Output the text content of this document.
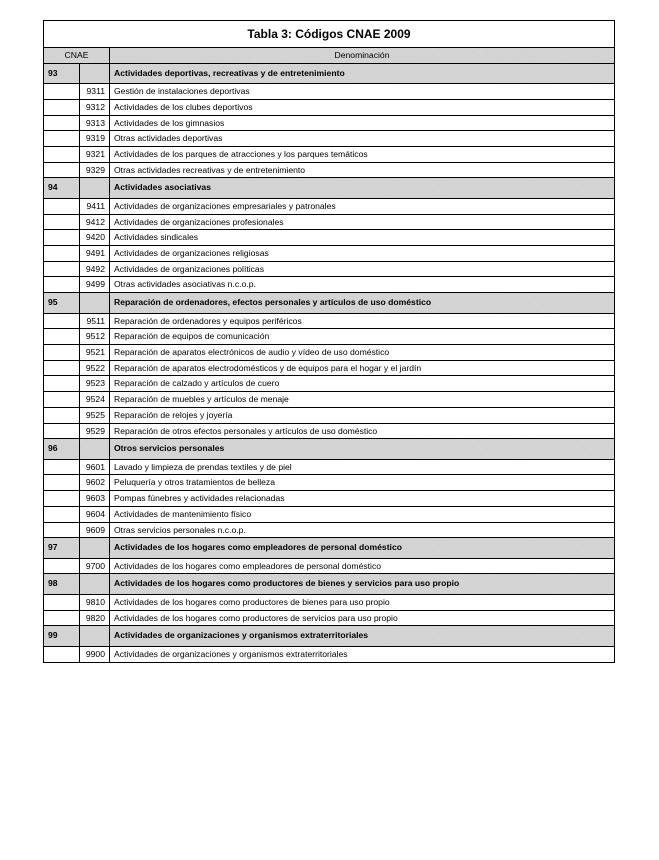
Tabla 3: Códigos CNAE 2009		
CNAE		Denominación
93		Actividades deportivas, recreativas y de entretenimiento
	9311	Gestión de instalaciones deportivas
	9312	Actividades de los clubes deportivos
	9313	Actividades de los gimnasios
	9319	Otras actividades deportivas
	9321	Actividades de los parques de atracciones y los parques temáticos
	9329	Otras actividades recreativas y de entretenimiento
94		Actividades asociativas
	9411	Actividades de organizaciones empresariales y patronales
	9412	Actividades de organizaciones profesionales
	9420	Actividades sindicales
	9491	Actividades de organizaciones religiosas
	9492	Actividades de organizaciones políticas
	9499	Otras actividades asociativas n.c.o.p.
95		Reparación de ordenadores, efectos personales y artículos de uso doméstico
	9511	Reparación de ordenadores y equipos periféricos
	9512	Reparación de equipos de comunicación
	9521	Reparación de aparatos electrónicos de audio y vídeo de uso doméstico
	9522	Reparación de aparatos electrodomésticos y de equipos para el hogar y el jardín
	9523	Reparación de calzado y artículos de cuero
	9524	Reparación de muebles y artículos de menaje
	9525	Reparación de relojes y joyería
	9529	Reparación de otros efectos personales y artículos de uso doméstico
96		Otros servicios personales
	9601	Lavado y limpieza de prendas textiles y de piel
	9602	Peluquería y otros tratamientos de belleza
	9603	Pompas fúnebres y actividades relacionadas
	9604	Actividades de mantenimiento físico
	9609	Otras servicios personales n.c.o.p.
97		Actividades de los hogares como empleadores de personal doméstico
	9700	Actividades de los hogares como empleadores de personal doméstico
98		Actividades de los hogares como productores de bienes y servicios para uso propio
	9810	Actividades de los hogares como productores de bienes para uso propio
	9820	Actividades de los hogares como productores de servicios para uso propio
99		Actividades de organizaciones y organismos extraterritoriales
	9900	Actividades de organizaciones y organismos extraterritoriales
